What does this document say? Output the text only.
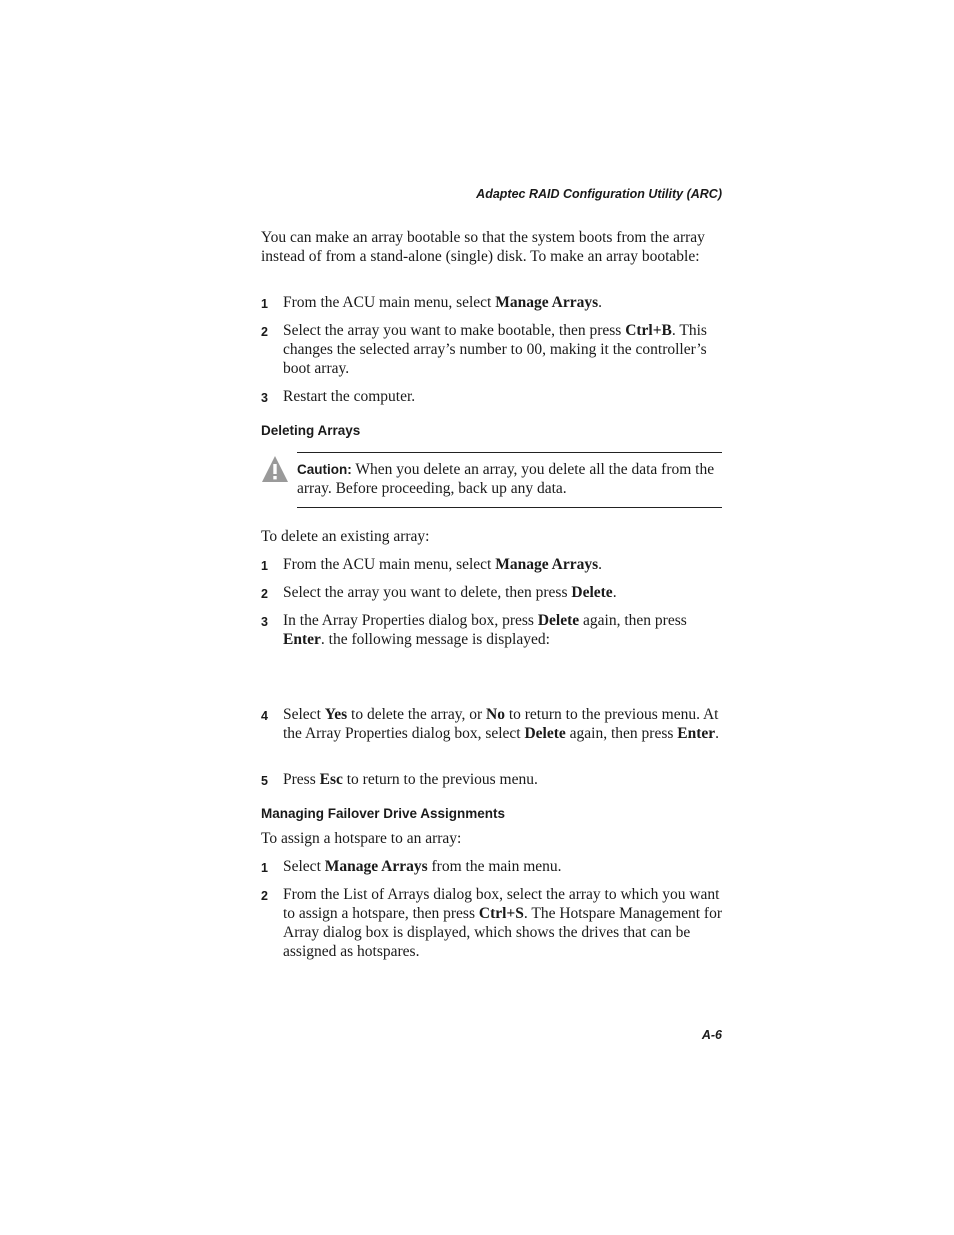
Adaptec RAID Configuration Utility (ARC)

You can make an array bootable so that the system boots from the array instead of from a stand-alone (single) disk. To make an array bootable:

1 From the ACU main menu, select Manage Arrays.
2 Select the array you want to make bootable, then press Ctrl+B. This changes the selected array’s number to 00, making it the controller’s boot array.
3 Restart the computer.
Deleting Arrays
Caution: When you delete an array, you delete all the data from the array. Before proceeding, back up any data.

To delete an existing array:

1 From the ACU main menu, select Manage Arrays.
2 Select the array you want to delete, then press Delete.
3 In the Array Properties dialog box, press Delete again, then press Enter. the following message is displayed:
4 Select Yes to delete the array, or No to return to the previous menu. At the Array Properties dialog box, select Delete again, then press Enter.
5 Press Esc to return to the previous menu.
Managing Failover Drive Assignments

To assign a hotspare to an array:

1 Select Manage Arrays from the main menu.
2 From the List of Arrays dialog box, select the array to which you want to assign a hotspare, then press Ctrl+S. The Hotspare Management for Array dialog box is displayed, which shows the drives that can be assigned as hotspares.
A-6
